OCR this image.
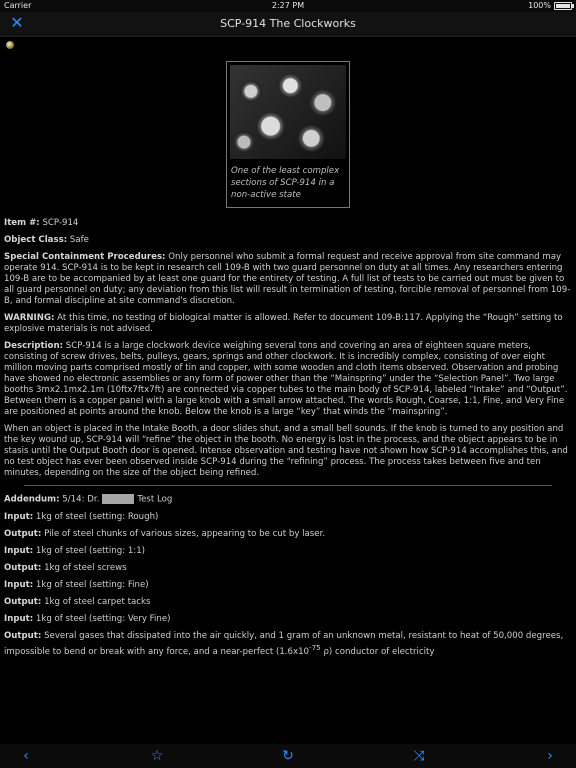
Carrier	2:27 PM	100%
✕	SCP-914 The Clockworks
One of the least complex sections of SCP-914 in a non-active state

Item #: SCP-914

Object Class: Safe

Special Containment Procedures: Only personnel who submit a formal request and receive approval from site command may operate 914. SCP-914 is to be kept in research cell 109-B with two guard personnel on duty at all times. Any researchers entering 109-B are to be accompanied by at least one guard for the entirety of testing. A full list of tests to be carried out must be given to all guard personnel on duty; any deviation from this list will result in termination of testing, forcible removal of personnel from 109-B, and formal discipline at site command's discretion.

WARNING: At this time, no testing of biological matter is allowed. Refer to document 109-B:117. Applying the “Rough” setting to explosive materials is not advised.

Description: SCP-914 is a large clockwork device weighing several tons and covering an area of eighteen square meters, consisting of screw drives, belts, pulleys, gears, springs and other clockwork. It is incredibly complex, consisting of over eight million moving parts comprised mostly of tin and copper, with some wooden and cloth items observed. Observation and probing have showed no electronic assemblies or any form of power other than the “Mainspring” under the “Selection Panel”. Two large booths 3mx2.1mx2.1m (10ftx7ftx7ft) are connected via copper tubes to the main body of SCP-914, labeled “Intake” and “Output”. Between them is a copper panel with a large knob with a small arrow attached. The words Rough, Coarse, 1:1, Fine, and Very Fine are positioned at points around the knob. Below the knob is a large “key” that winds the “mainspring”.

When an object is placed in the Intake Booth, a door slides shut, and a small bell sounds. If the knob is turned to any position and the key wound up, SCP-914 will “refine” the object in the booth. No energy is lost in the process, and the object appears to be in stasis until the Output Booth door is opened. Intense observation and testing have not shown how SCP-914 accomplishes this, and no test object has ever been observed inside SCP-914 during the “refining” process. The process takes between five and ten minutes, depending on the size of the object being refined.

Addendum: 5/14: Dr.	Test Log

Input: 1kg of steel (setting: Rough)

Output: Pile of steel chunks of various sizes, appearing to be cut by laser.

Input: 1kg of steel (setting: 1:1)

Output: 1kg of steel screws

Input: 1kg of steel (setting: Fine)

Output: 1kg of steel carpet tacks

Input: 1kg of steel (setting: Very Fine)

Output: Several gases that dissipated into the air quickly, and 1 gram of an unknown metal, resistant to heat of 50,000 degrees, impossible to bend or break with any force, and a near-perfect ($1.6x10^{-75}$ ρ) conductor of electricity

‹	☆	↻	⤨	›
